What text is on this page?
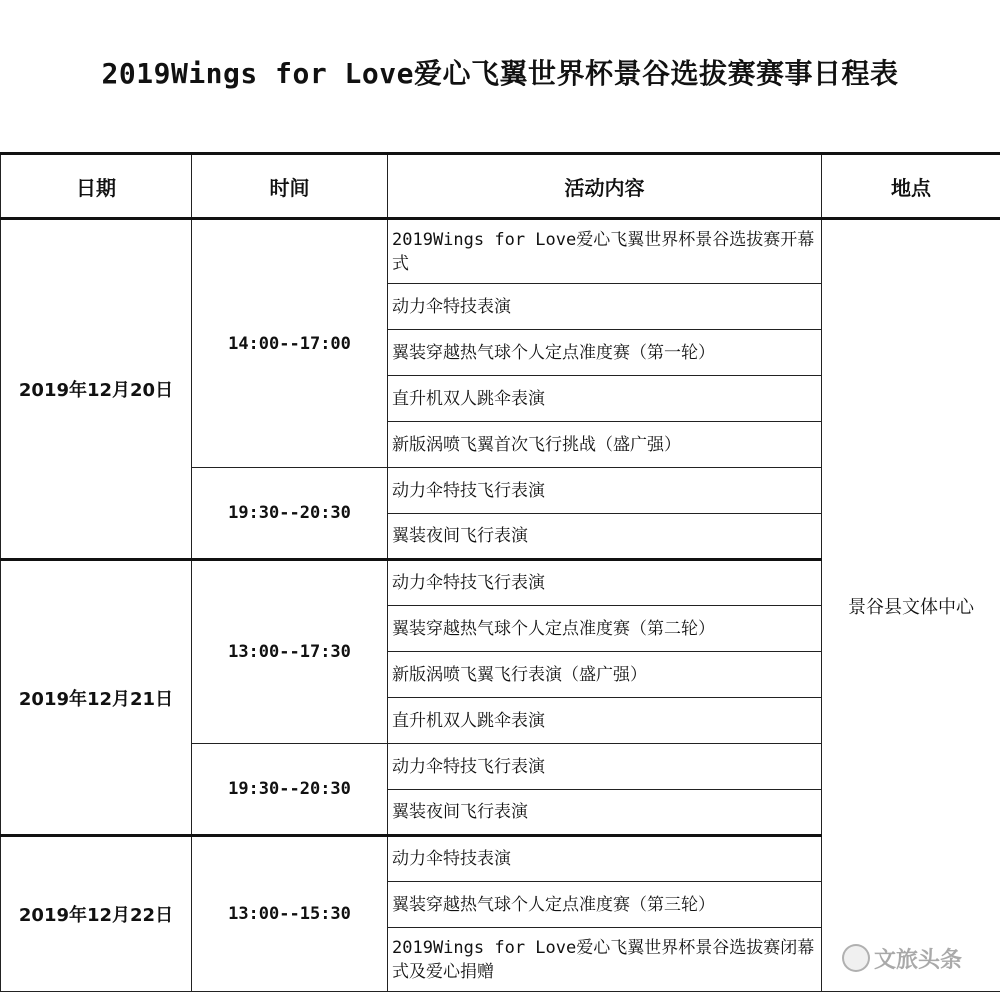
2019Wings for Love爱心飞翼世界杯景谷选拔赛赛事日程表
日期	时间	活动内容	地点
2019年12月20日	14:00--17:00	2019Wings for Love爱心飞翼世界杯景谷选拔赛开幕式	景谷县文体中心
		动力伞特技表演	
		翼装穿越热气球个人定点准度赛（第一轮）	
		直升机双人跳伞表演	
		新版涡喷飞翼首次飞行挑战（盛广强）	
	19:30--20:30	动力伞特技飞行表演	
		翼装夜间飞行表演	
2019年12月21日	13:00--17:30	动力伞特技飞行表演	
		翼装穿越热气球个人定点准度赛（第二轮）	
		新版涡喷飞翼飞行表演（盛广强）	
		直升机双人跳伞表演	
	19:30--20:30	动力伞特技飞行表演	
		翼装夜间飞行表演	
2019年12月22日	13:00--15:30	动力伞特技表演	
		翼装穿越热气球个人定点准度赛（第三轮）	
		2019Wings for Love爱心飞翼世界杯景谷选拔赛闭幕式及爱心捐赠		文旅头条
